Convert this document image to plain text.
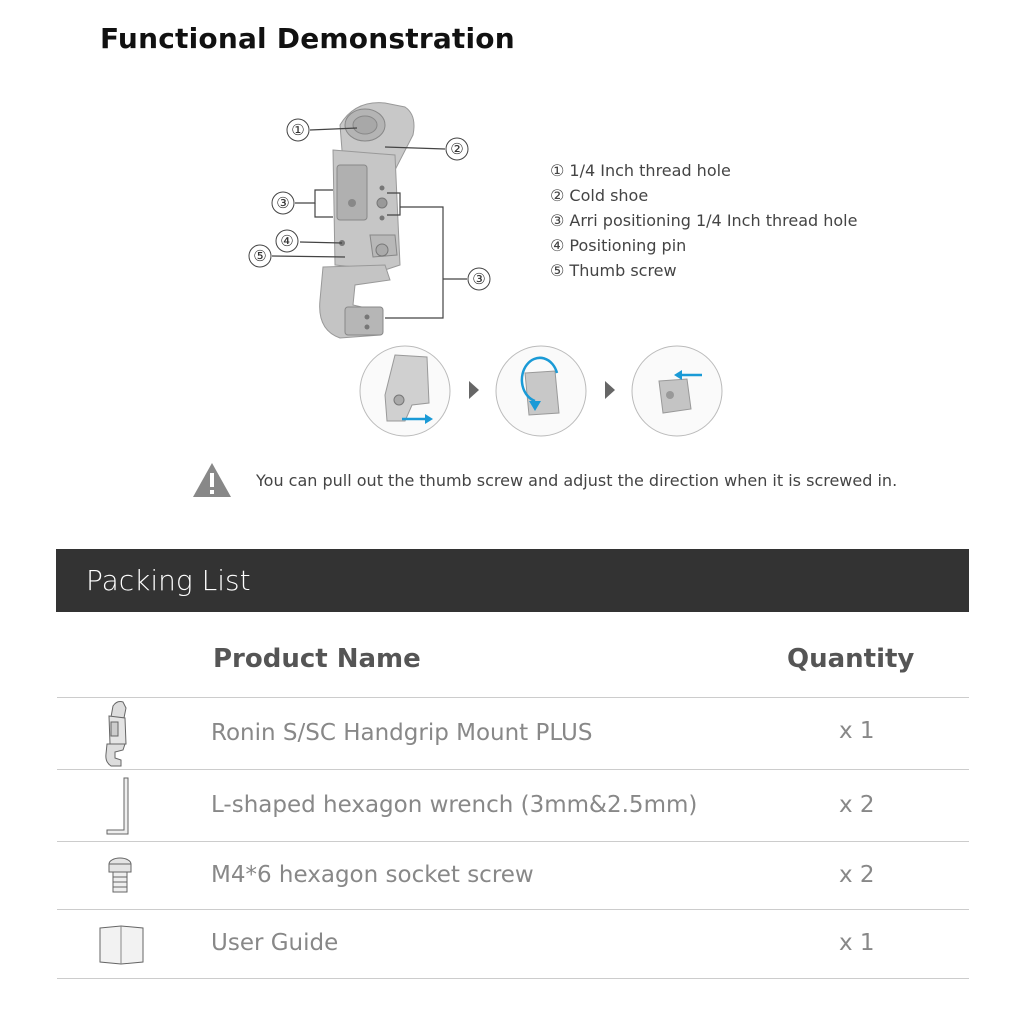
Functional Demonstration
①
②
③
④
⑤
③
① 1/4 Inch thread hole
② Cold shoe
③ Arri positioning 1/4 Inch thread hole
④ Positioning pin
⑤ Thumb screw
You can pull out the thumb screw and adjust the direction when it is screwed in.
Packing List
Product Name	Quantity
Ronin S/SC Handgrip Mount PLUS	x 1
L-shaped hexagon wrench (3mm&2.5mm)	x 2
M4*6 hexagon socket screw	x 2
User Guide	x 1
